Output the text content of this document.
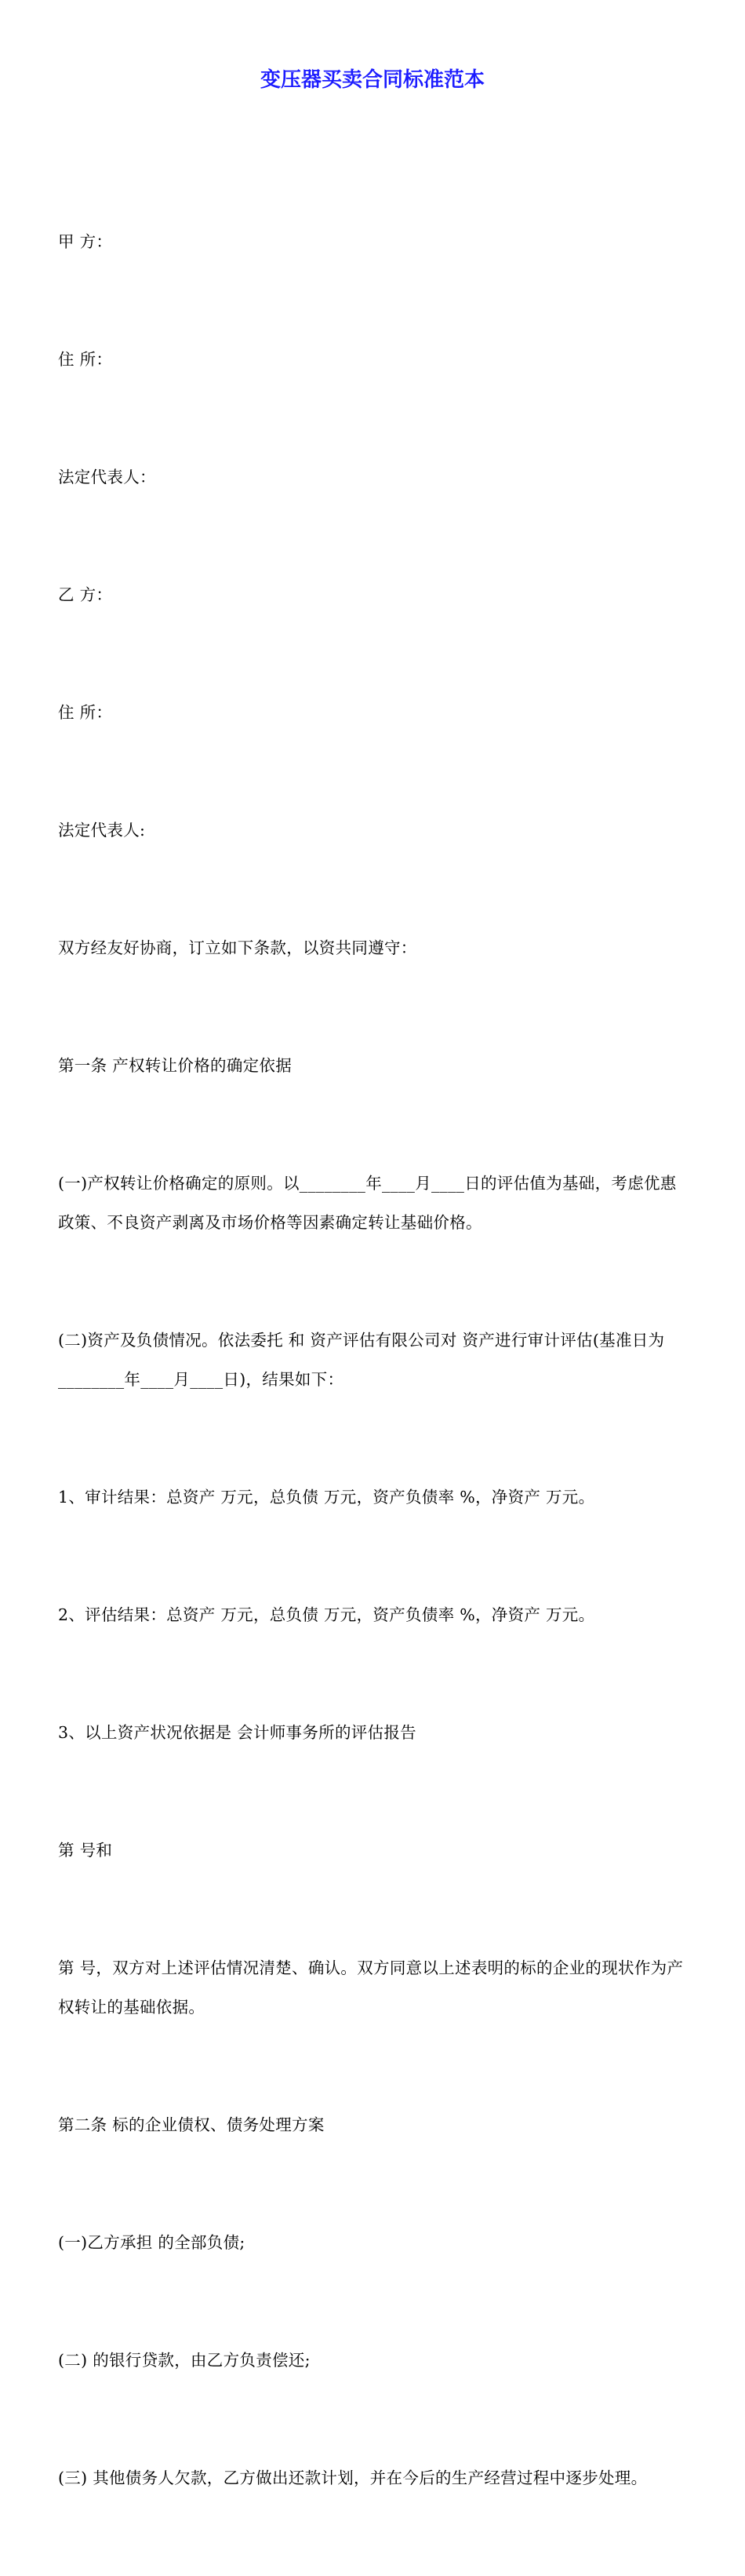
变压器买卖合同标准范本

甲 方：

住 所：

法定代表人：

乙 方：

住 所：

法定代表人:

双方经友好协商，订立如下条款，以资共同遵守：

第一条 产权转让价格的确定依据

(一)产权转让价格确定的原则。以________年____月____日的评估值为基础，考虑优惠政策、不良资产剥离及市场价格等因素确定转让基础价格。

(二)资产及负债情况。依法委托 和 资产评估有限公司对 资产进行审计评估(基准日为________年____月____日)，结果如下：

1、审计结果：总资产 万元，总负债 万元，资产负债率 %，净资产 万元。

2、评估结果：总资产 万元，总负债 万元，资产负债率 %，净资产 万元。

3、以上资产状况依据是 会计师事务所的评估报告

第 号和

第 号，双方对上述评估情况清楚、确认。双方同意以上述表明的标的企业的现状作为产权转让的基础依据。

第二条 标的企业债权、债务处理方案

(一)乙方承担 的全部负债;

(二) 的银行贷款，由乙方负责偿还;

(三) 其他债务人欠款，乙方做出还款计划，并在今后的生产经营过程中逐步处理。
